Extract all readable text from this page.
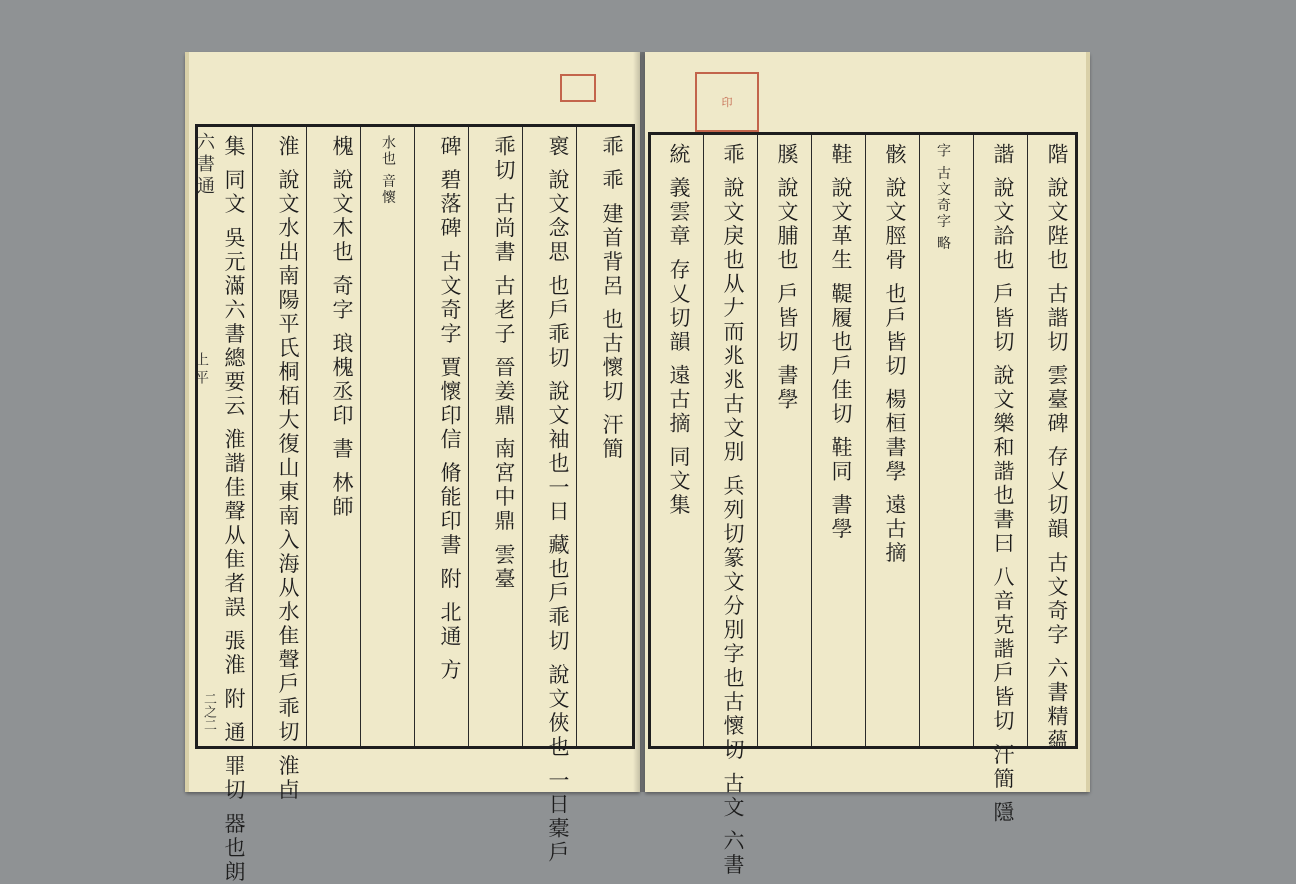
六書通
上平
二之二
乖 乖 建首背呂 也古懷切 汗簡
褱 說文念思 也戶乖切 說文袖也一日 藏也戶乖切 說文俠也 一日橐戶
乖切 古尚書 古老子 晉姜鼎 南宮中鼎 雲臺
碑 碧落碑 古文奇字 賈懷印信 脩能印書 附 北通 方
水也 音懷
槐 說文木也 奇字 琅槐丞印 書 林師
淮 說文水出南陽平氏桐栢大復山東南入海从水隹聲戶乖切 淮卣
集 同文 吳元滿六書總要云 淮諧佳聲从隹者誤 張淮 附 通 罪切 器也朗
印
階 說文陛也 古諧切 雲臺碑 存乂切韻 古文奇字 六書精蘊
諧 說文詥也 戶皆切 說文樂和諧也書曰 八音克諧戶皆切 汗簡 隱
字 古文奇字 略
骸 說文脛骨 也戶皆切 楊桓書學 遠古摘
鞋 說文革生 鞮履也戶佳切 鞋同 書學
膎 說文脯也 戶皆切 書學
乖 說文戾也从𠂇而兆兆古文別 兵列切篆文分別字也古懷切 古文 六書
統 義雲章 存乂切韻 遠古摘 同文集
